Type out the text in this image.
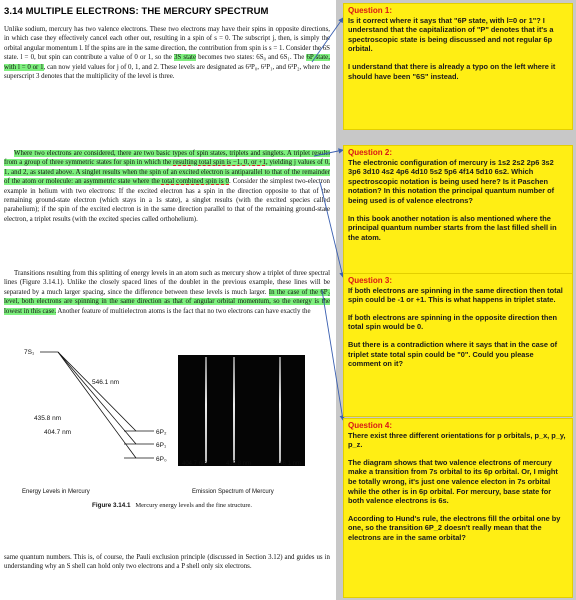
3.14 MULTIPLE ELECTRONS: THE MERCURY SPECTRUM
Unlike sodium, mercury has two valence electrons. These two electrons may have their spins in opposite directions, in which case they effectively cancel each other out, resulting in a spin of s = 0. The subscript j, then, is simply the orbital angular momentum l. If the spins are in the same direction, the contribution from spin is s = 1. Consider the 6S state. l = 0, but spin can contribute a value of 0 or 1, so the 3S state becomes two states: 6S₀ and 6S₁. The 6P state, with l = 0 or 1, can now yield values for j of 0, 1, and 2. These levels are designated as 6³P₀, 6³P₁, and 6³P₂, where the superscript 3 denotes that the multiplicity of the level is three.
Where two electrons are considered, there are two basic types of spin states, triplets and singlets. A triplet results from a group of three symmetric states for spin in which the resulting total spin is −1, 0, or +1, yielding j values of 0, 1, and 2, as stated above. A singlet results when the spin of an excited electron is antiparallel to that of the remainder of the atom or molecule: an asymmetric state where the total combined spin is 0. Consider the simplest two-electron example in helium with two electrons: If the excited electron has a spin in the direction opposite to that of the remaining ground-state electron (which stays in a 1s state), a singlet results (with the excited species called parahelium); if the spin of the excited electron is in the same direction parallel to that of the remaining ground-state electron, a triplet results (with the excited species called orthohelium).
Transitions resulting from this splitting of energy levels in an atom such as mercury show a triplet of three spectral lines (Figure 3.14.1). Unlike the closely spaced lines of the doublet in the previous example, these lines will be separated by a much larger spacing, since the difference between these levels is much larger. In the case of the 6P₂ level, both electrons are spinning in the same direction as that of angular orbital momentum, so the energy is the lowest in this case. Another feature of multielectron atoms is the fact that no two electrons can have exactly the
7S₁
546.1 nm
435.8 nm
404.7 nm	6P₂
6P₁
6P₀
404.7 nm	435.8 nm	546.1 nm
Energy Levels in Mercury	Emission Spectrum of Mercury
Figure 3.14.1 Mercury energy levels and the fine structure.
same quantum numbers. This is, of course, the Pauli exclusion principle (discussed in Section 3.12) and guides us in understanding why an S shell can hold only two electrons and a P shell only six electrons.
Question 1:

Is it correct where it says that "6P state, with l=0 or 1"? I understand that the capitalization of "P" denotes that it's a spectroscopic state is being discussed and not regular 6p orbital.

I understand that there is already a typo on the left where it should have been "6S" instead.

Question 2:

The electronic configuration of mercury is 1s2 2s2 2p6 3s2 3p6 3d10 4s2 4p6 4d10 5s2 5p6 4f14 5d10 6s2. Which spectroscopic notation is being used here? Is it Paschen notation? In this notation the principal quantum number of being used is of valence electrons?

In this book another notation is also mentioned where the principal quantum number starts from the last filled shell in the atom.

Question 3:

If both electrons are spinning in the same direction then total spin could be -1 or +1. This is what happens in triplet state.

If both electrons are spinning in the opposite direction then total spin would be 0.

But there is a contradiction where it says that in the case of triplet state total spin could be "0". Could you please comment on it?

Question 4:

There exist three different orientations for p orbitals, p_x, p_y, p_z.

The diagram shows that two valence electrons of mercury make a transition from 7s orbital to its 6p orbital. Or, I might be totally wrong, it's just one valence electon in 7s orbital while the other is in 6p orbital. For mercury, base state for both valence electrons is 6s.

According to Hund's rule, the electrons fill the orbital one by one, so the transition 6P_2 doesn't really mean that the electrons are in the same orbital?
